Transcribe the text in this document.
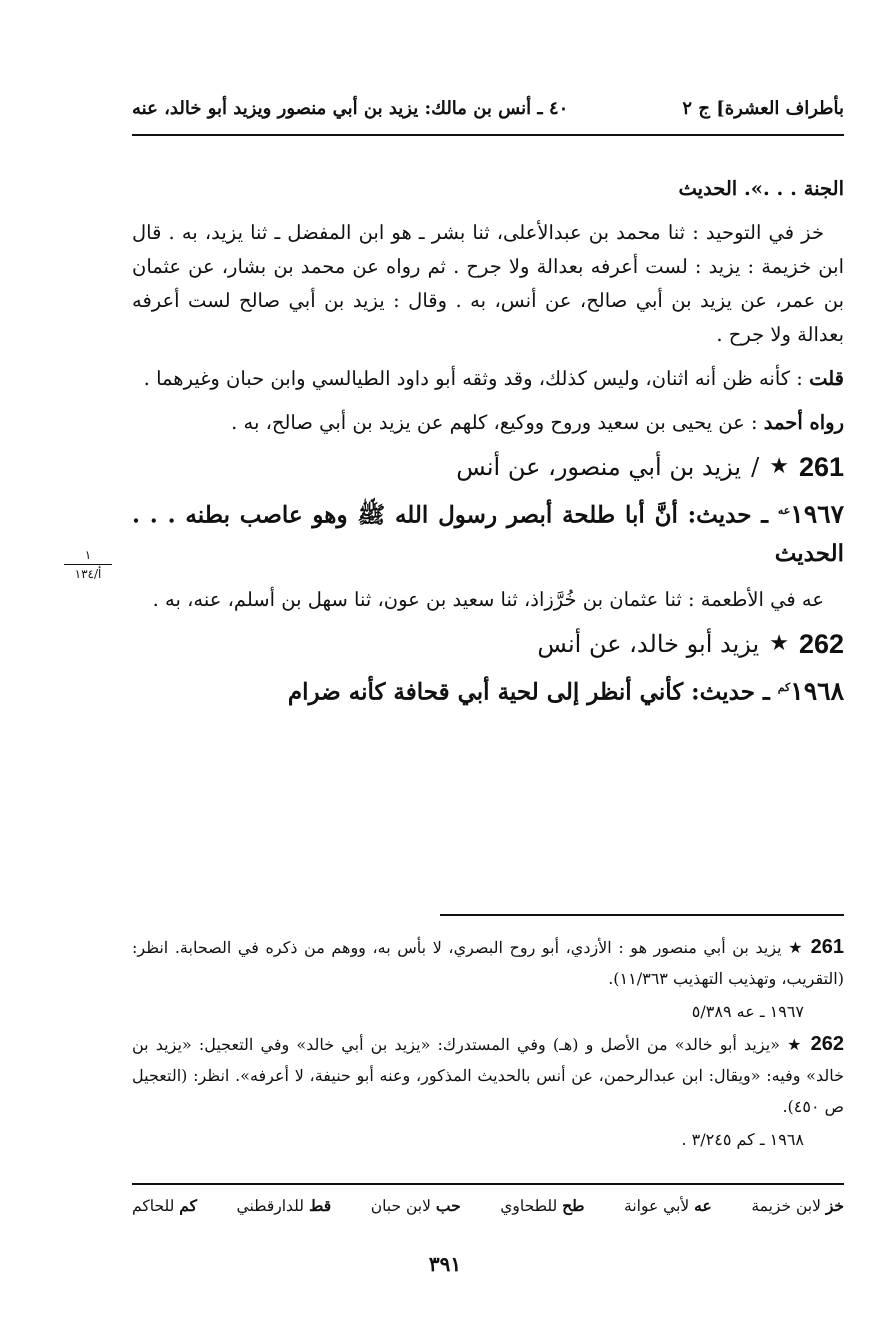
بأطراف العشرة] ج ٢
٤٠ ـ أنس بن مالك: يزيد بن أبي منصور ويزيد أبو خالد، عنه

الجنة . . .». الحديث

خز في التوحيد : ثنا محمد بن عبدالأعلى، ثنا بشر ـ هو ابن المفضل ـ ثنا يزيد، به . قال ابن خزيمة : يزيد : لست أعرفه بعدالة ولا جرح . ثم رواه عن محمد بن بشار، عن عثمان بن عمر، عن يزيد بن أبي صالح، عن أنس، به . وقال : يزيد بن أبي صالح لست أعرفه بعدالة ولا جرح .

قلت : كأنه ظن أنه اثنان، وليس كذلك، وقد وثقه أبو داود الطيالسي وابن حبان وغيرهما .

رواه أحمد : عن يحيى بن سعيد وروح ووكيع، كلهم عن يزيد بن أبي صالح، به .

261
★
/
يزيد بن أبي منصور، عن أنس

$١٩٦٧^{عه}$ ـ حديث: أنَّ أبا طلحة أبصر رسول الله ﷺ وهو عاصب بطنه . . . الحديث

عه في الأطعمة : ثنا عثمان بن خُرَّزاذ، ثنا سعيد بن عون، ثنا سهل بن أسلم، عنه، به .

262
★
يزيد أبو خالد، عن أنس

$١٩٦٨^{كم}$ ـ حديث: كأني أنظر إلى لحية أبي قحافة كأنه ضرام

١
أ/١٣٤

261 ★ يزيد بن أبي منصور هو : الأزدي، أبو روح البصري، لا بأس به، ووهم من ذكره في الصحابة. انظر: (التقريب، وتهذيب التهذيب ١١/٣٦٣).

١٩٦٧ ـ عه ٥/٣٨٩

262 ★ «يزيد أبو خالد» من الأصل و (هـ) وفي المستدرك: «يزيد بن أبي خالد» وفي التعجيل: «يزيد بن خالد» وفيه: «ويقال: ابن عبدالرحمن، عن أنس بالحديث المذكور، وعنه أبو حنيفة، لا أعرفه». انظر: (التعجيل ص ٤٥٠).

١٩٦٨ ـ كم ٣/٢٤٥ .

خز لابن خزيمة
عه لأبي عوانة
طح للطحاوي
حب لابن حبان
قط للدارقطني
كم للحاكم
٣٩١
